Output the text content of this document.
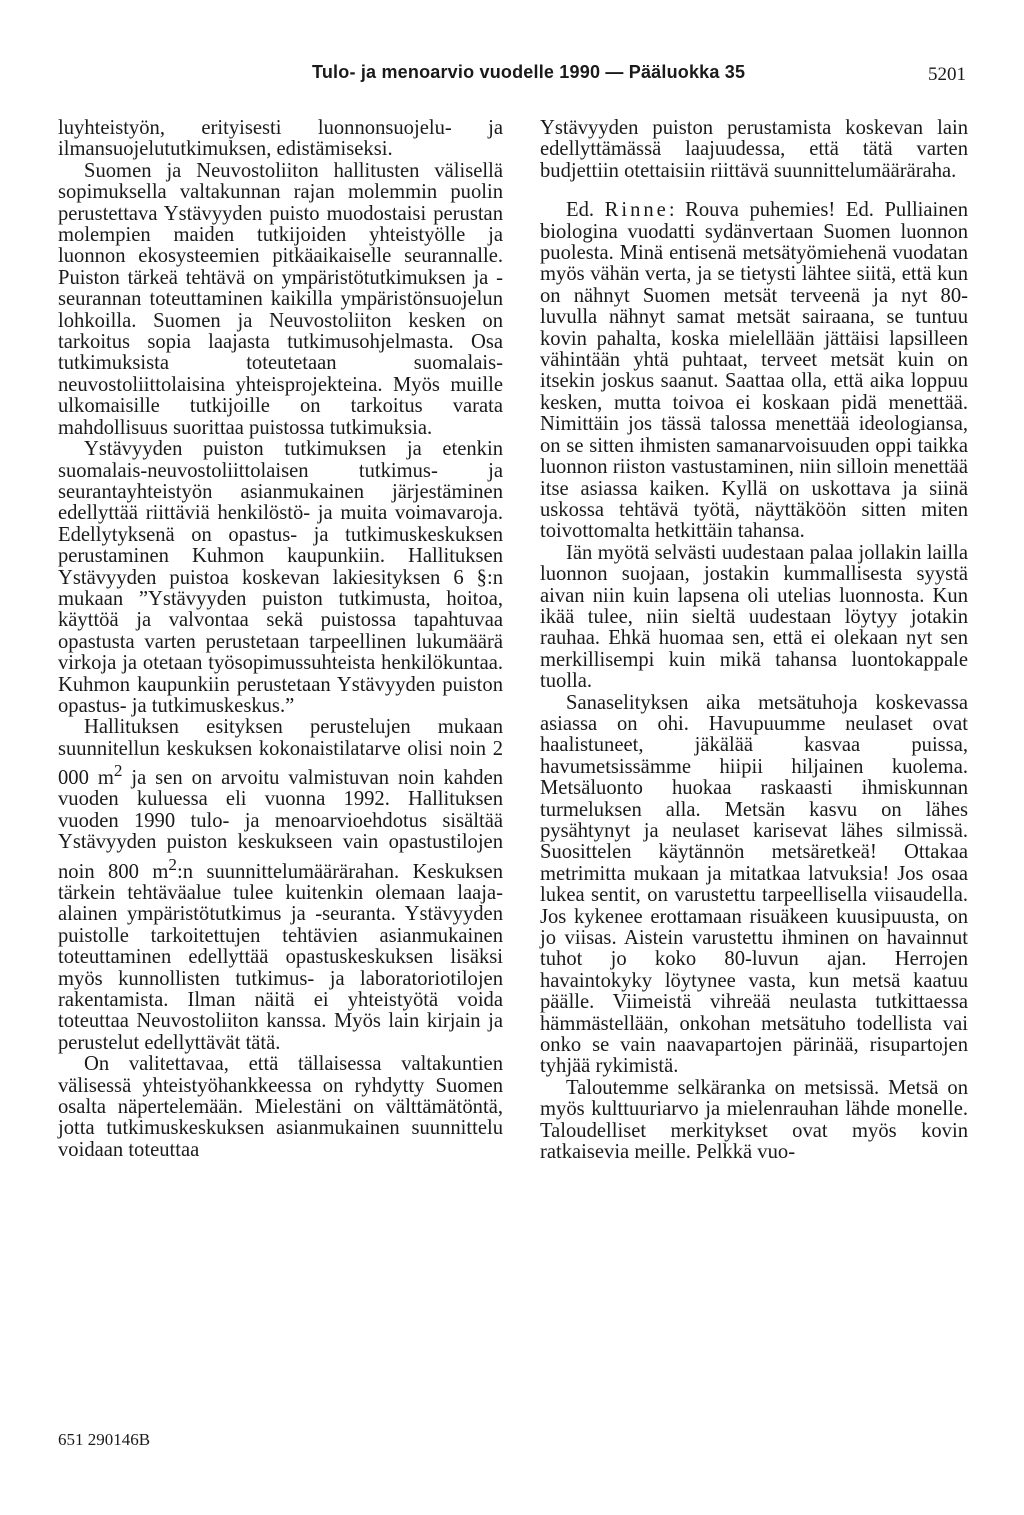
Tulo- ja menoarvio vuodelle 1990 — Pääluokka 35	5201

luyhteistyön, erityisesti luonnonsuojelu- ja ilmansuojelututkimuksen, edistämiseksi.

Suomen ja Neuvostoliiton hallitusten välisellä sopimuksella valtakunnan rajan molemmin puolin perustettava Ystävyyden puisto muodostaisi perustan molempien maiden tutkijoiden yhteistyölle ja luonnon ekosysteemien pitkäaikaiselle seurannalle. Puiston tärkeä tehtävä on ympäristötutkimuksen ja -seurannan toteuttaminen kaikilla ympäristönsuojelun lohkoilla. Suomen ja Neuvostoliiton kesken on tarkoitus sopia laajasta tutkimusohjelmasta. Osa tutkimuksista toteutetaan suomalais-neuvostoliittolaisina yhteisprojekteina. Myös muille ulkomaisille tutkijoille on tarkoitus varata mahdollisuus suorittaa puistossa tutkimuksia.

Ystävyyden puiston tutkimuksen ja etenkin suomalais-neuvostoliittolaisen tutkimus- ja seurantayhteistyön asianmukainen järjestäminen edellyttää riittäviä henkilöstö- ja muita voimavaroja. Edellytyksenä on opastus- ja tutkimuskeskuksen perustaminen Kuhmon kaupunkiin. Hallituksen Ystävyyden puistoa koskevan lakiesityksen 6 §:n mukaan ”Ystävyyden puiston tutkimusta, hoitoa, käyttöä ja valvontaa sekä puistossa tapahtuvaa opastusta varten perustetaan tarpeellinen lukumäärä virkoja ja otetaan työsopimussuhteista henkilökuntaa. Kuhmon kaupunkiin perustetaan Ystävyyden puiston opastus- ja tutkimuskeskus.”

Hallituksen esityksen perustelujen mukaan suunnitellun keskuksen kokonaistilatarve olisi noin 2 000 $m^2$ ja sen on arvoitu valmistuvan noin kahden vuoden kuluessa eli vuonna 1992. Hallituksen vuoden 1990 tulo- ja menoarvioehdotus sisältää Ystävyyden puiston keskukseen vain opastustilojen noin 800 $m^2:n$ suunnittelumäärärahan. Keskuksen tärkein tehtäväalue tulee kuitenkin olemaan laaja-alainen ympäristötutkimus ja -seuranta. Ystävyyden puistolle tarkoitettujen tehtävien asianmukainen toteuttaminen edellyttää opastuskeskuksen lisäksi myös kunnollisten tutkimus- ja laboratoriotilojen rakentamista. Ilman näitä ei yhteistyötä voida toteuttaa Neuvostoliiton kanssa. Myös lain kirjain ja perustelut edellyttävät tätä.

On valitettavaa, että tällaisessa valtakuntien välisessä yhteistyöhankkeessa on ryhdytty Suomen osalta näpertelemään. Mielestäni on välttämätöntä, jotta tutkimuskeskuksen asianmukainen suunnittelu voidaan toteuttaa

Ystävyyden puiston perustamista koskevan lain edellyttämässä laajuudessa, että tätä varten budjettiin otettaisiin riittävä suunnittelumääräraha.

Ed. Rinne: Rouva puhemies! Ed. Pulliainen biologina vuodatti sydänvertaan Suomen luonnon puolesta. Minä entisenä metsätyömiehenä vuodatan myös vähän verta, ja se tietysti lähtee siitä, että kun on nähnyt Suomen metsät terveenä ja nyt 80-luvulla nähnyt samat metsät sairaana, se tuntuu kovin pahalta, koska mielellään jättäisi lapsilleen vähintään yhtä puhtaat, terveet metsät kuin on itsekin joskus saanut. Saattaa olla, että aika loppuu kesken, mutta toivoa ei koskaan pidä menettää. Nimittäin jos tässä talossa menettää ideologiansa, on se sitten ihmisten samanarvoisuuden oppi taikka luonnon riiston vastustaminen, niin silloin menettää itse asiassa kaiken. Kyllä on uskottava ja siinä uskossa tehtävä työtä, näyttäköön sitten miten toivottomalta hetkittäin tahansa.

Iän myötä selvästi uudestaan palaa jollakin lailla luonnon suojaan, jostakin kummallisesta syystä aivan niin kuin lapsena oli utelias luonnosta. Kun ikää tulee, niin sieltä uudestaan löytyy jotakin rauhaa. Ehkä huomaa sen, että ei olekaan nyt sen merkillisempi kuin mikä tahansa luontokappale tuolla.

Sanaselityksen aika metsätuhoja koskevassa asiassa on ohi. Havupuumme neulaset ovat haalistuneet, jäkälää kasvaa puissa, havumetsissämme hiipii hiljainen kuolema. Metsäluonto huokaa raskaasti ihmiskunnan turmeluksen alla. Metsän kasvu on lähes pysähtynyt ja neulaset karisevat lähes silmissä. Suosittelen käytännön metsäretkeä! Ottakaa metrimitta mukaan ja mitatkaa latvuksia! Jos osaa lukea sentit, on varustettu tarpeellisella viisaudella. Jos kykenee erottamaan risuäkeen kuusipuusta, on jo viisas. Aistein varustettu ihminen on havainnut tuhot jo koko 80-luvun ajan. Herrojen havaintokyky löytynee vasta, kun metsä kaatuu päälle. Viimeistä vihreää neulasta tutkittaessa hämmästellään, onkohan metsätuho todellista vai onko se vain naavapartojen pärinää, risupartojen tyhjää rykimistä.

Taloutemme selkäranka on metsissä. Metsä on myös kulttuuriarvo ja mielenrauhan lähde monelle. Taloudelliset merkitykset ovat myös kovin ratkaisevia meille. Pelkkä vuo-

651 290146B
